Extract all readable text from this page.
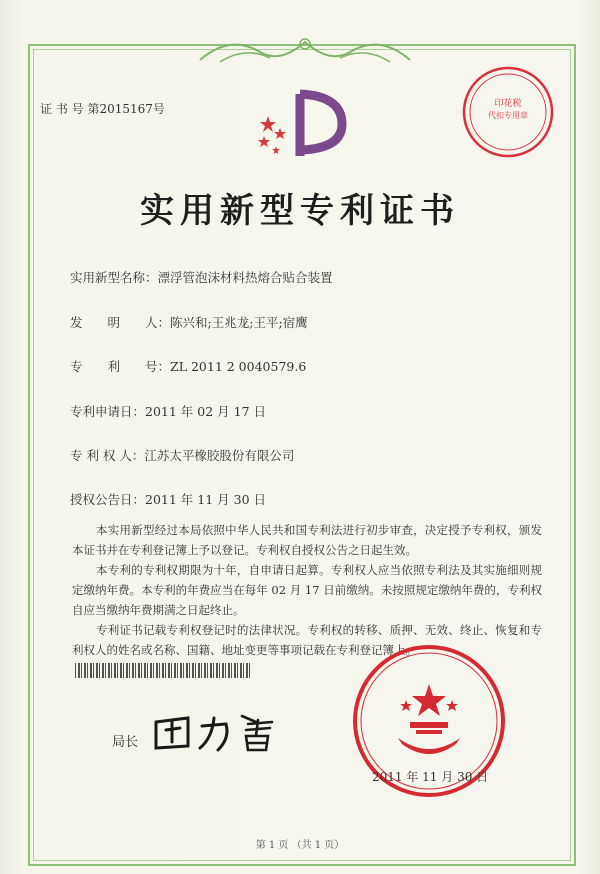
证 书 号 第2015167号	印花税
代扣专用章
实用新型专利证书
实用新型名称：漂浮管泡沫材料热熔合贴合装置
发　　明　　人：陈兴和;王兆龙;王平;宿鹰
专　　利　　号：ZL 2011 2 0040579.6
专利申请日：2011 年 02 月 17 日
专 利 权 人：江苏太平橡胶股份有限公司
授权公告日：2011 年 11 月 30 日
本实用新型经过本局依照中华人民共和国专利法进行初步审查，决定授予专利权，颁发本证书并在专利登记簿上予以登记。专利权自授权公告之日起生效。
本专利的专利权期限为十年，自申请日起算。专利权人应当依照专利法及其实施细则规定缴纳年费。本专利的年费应当在每年 02 月 17 日前缴纳。未按照规定缴纳年费的，专利权自应当缴纳年费期满之日起终止。
专利证书记载专利权登记时的法律状况。专利权的转移、质押、无效、终止、恢复和专利权人的姓名或名称、国籍、地址变更等事项记载在专利登记簿上。
局长
2011 年 11 月 30 日
第 1 页 （共 1 页）
